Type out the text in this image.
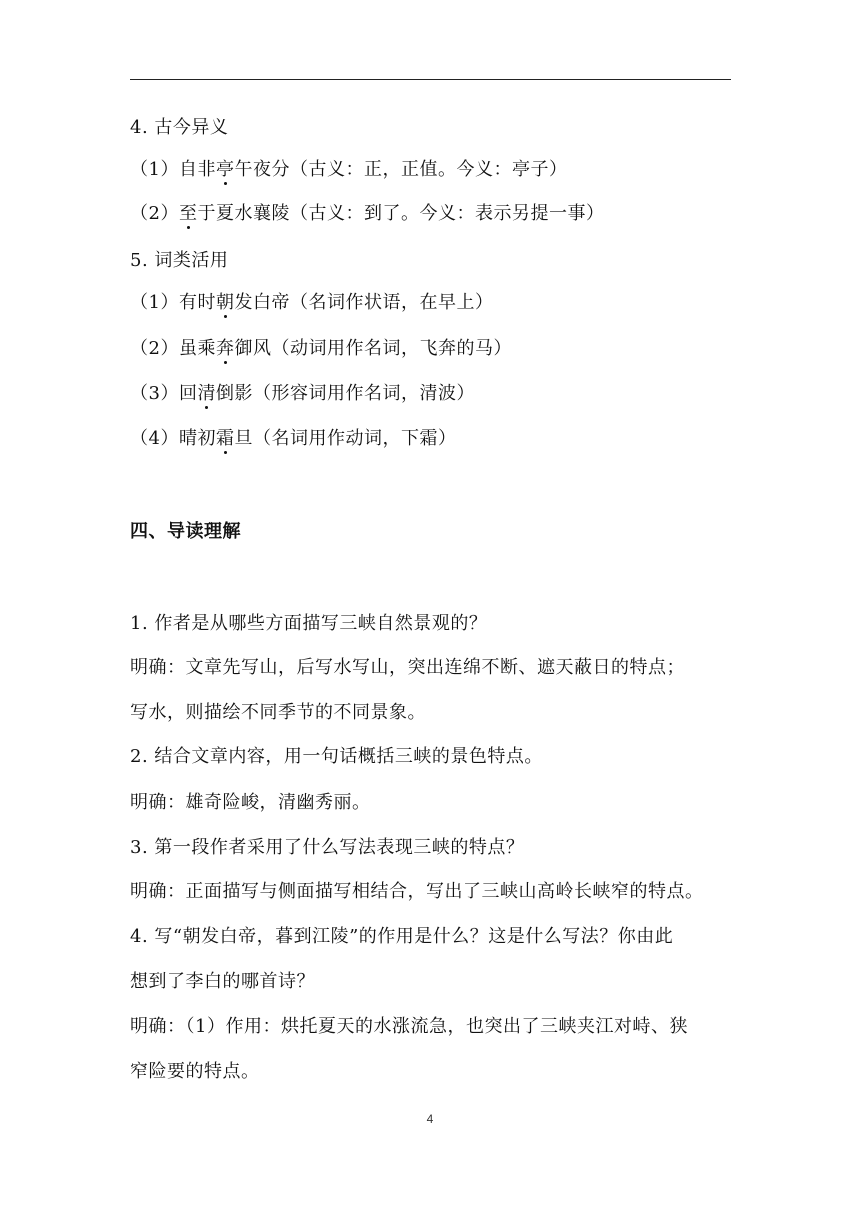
4. 古今异义
（1）自非亭午夜分（古义：正，正值。今义：亭子）
（2）至于夏水襄陵（古义：到了。今义：表示另提一事）
5. 词类活用
（1）有时朝发白帝（名词作状语，在早上）
（2）虽乘奔御风（动词用作名词，飞奔的马）
（3）回清倒影（形容词用作名词，清波）
（4）晴初霜旦（名词用作动词，下霜）
四、导读理解
1. 作者是从哪些方面描写三峡自然景观的？
明确：文章先写山，后写水写山，突出连绵不断、遮天蔽日的特点；
写水，则描绘不同季节的不同景象。
2. 结合文章内容，用一句话概括三峡的景色特点。
明确：雄奇险峻，清幽秀丽。
3. 第一段作者采用了什么写法表现三峡的特点？
明确：正面描写与侧面描写相结合，写出了三峡山高岭长峡窄的特点。
4. 写“朝发白帝，暮到江陵”的作用是什么？这是什么写法？你由此
想到了李白的哪首诗？
明确：（1）作用：烘托夏天的水涨流急，也突出了三峡夹江对峙、狭
窄险要的特点。
4
